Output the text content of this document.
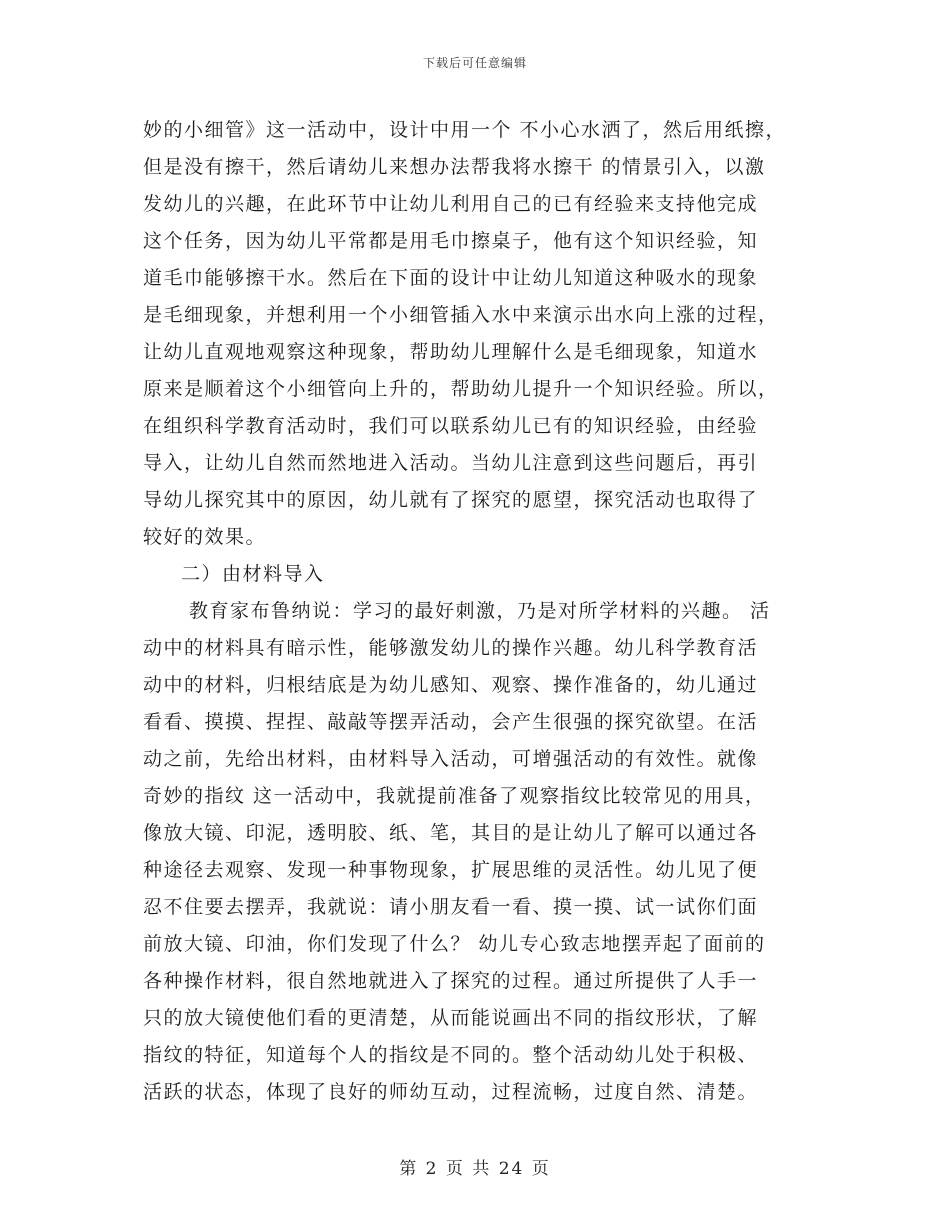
下载后可任意编辑
妙的小细管》这一活动中，设计中用一个 不小心水洒了，然后用纸擦，
但是没有擦干，然后请幼儿来想办法帮我将水擦干 的情景引入，以激
发幼儿的兴趣，在此环节中让幼儿利用自己的已有经验来支持他完成
这个任务，因为幼儿平常都是用毛巾擦桌子，他有这个知识经验，知
道毛巾能够擦干水。然后在下面的设计中让幼儿知道这种吸水的现象
是毛细现象，并想利用一个小细管插入水中来演示出水向上涨的过程，
让幼儿直观地观察这种现象，帮助幼儿理解什么是毛细现象，知道水
原来是顺着这个小细管向上升的，帮助幼儿提升一个知识经验。所以，
在组织科学教育活动时，我们可以联系幼儿已有的知识经验，由经验
导入，让幼儿自然而然地进入活动。当幼儿注意到这些问题后，再引
导幼儿探究其中的原因，幼儿就有了探究的愿望，探究活动也取得了
较好的效果。
二）由材料导入
教育家布鲁纳说：学习的最好刺激，乃是对所学材料的兴趣。 活
动中的材料具有暗示性，能够激发幼儿的操作兴趣。幼儿科学教育活
动中的材料，归根结底是为幼儿感知、观察、操作准备的，幼儿通过
看看、摸摸、捏捏、敲敲等摆弄活动，会产生很强的探究欲望。在活
动之前，先给出材料，由材料导入活动，可增强活动的有效性。就像
奇妙的指纹 这一活动中，我就提前准备了观察指纹比较常见的用具，
像放大镜、印泥，透明胶、纸、笔，其目的是让幼儿了解可以通过各
种途径去观察、发现一种事物现象，扩展思维的灵活性。幼儿见了便
忍不住要去摆弄，我就说：请小朋友看一看、摸一摸、试一试你们面
前放大镜、印油，你们发现了什么？ 幼儿专心致志地摆弄起了面前的
各种操作材料，很自然地就进入了探究的过程。通过所提供了人手一
只的放大镜使他们看的更清楚，从而能说画出不同的指纹形状，了解
指纹的特征，知道每个人的指纹是不同的。整个活动幼儿处于积极、
活跃的状态，体现了良好的师幼互动，过程流畅，过度自然、清楚。
第 2 页 共 24 页
